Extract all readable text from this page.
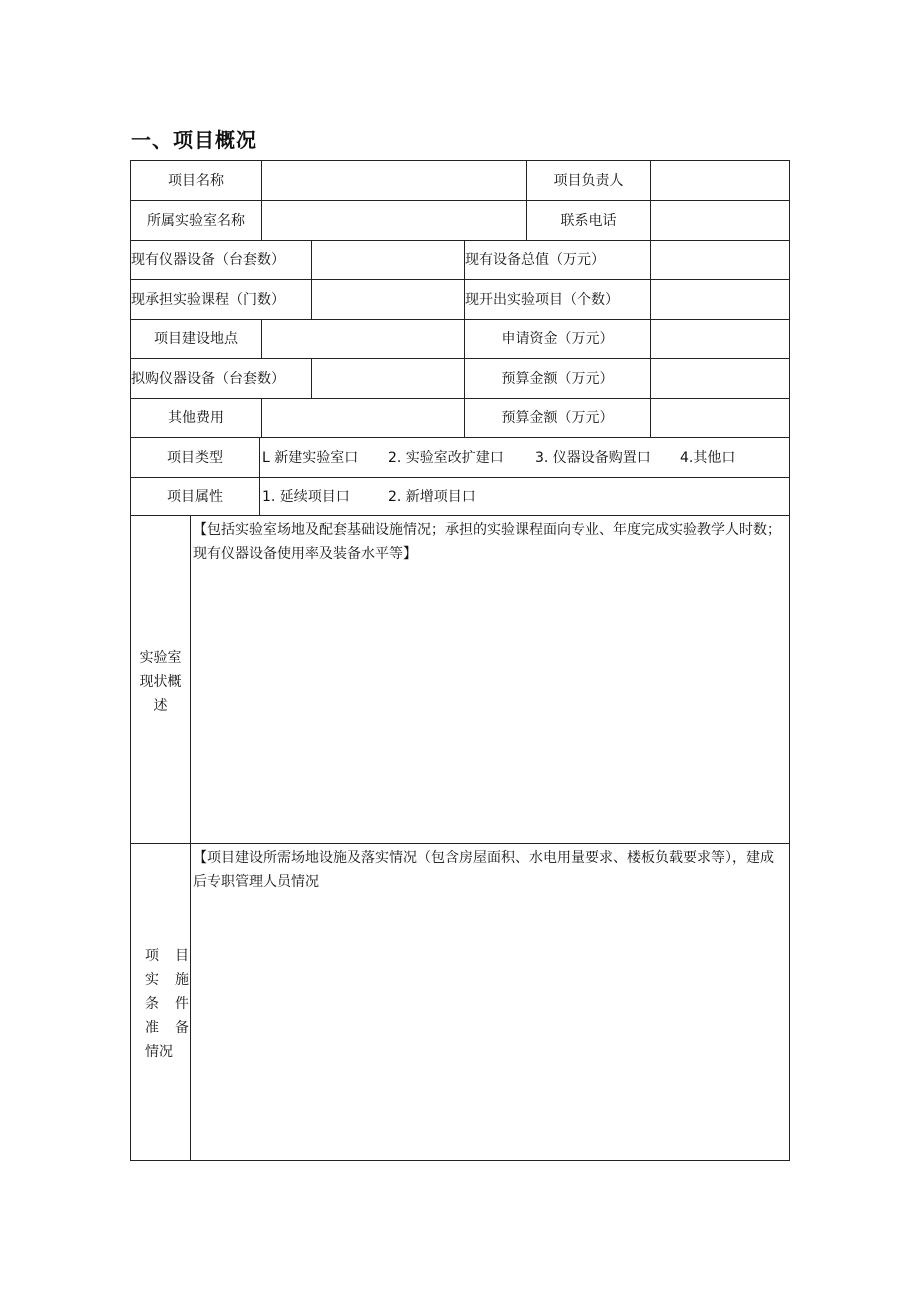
一、项目概况
项目名称	项目负责人
所属实验室名称	联系电话
现有仪器设备（台套数）	现有设备总值（万元）
现承担实验课程（门数）	现开出实验项目（个数）
项目建设地点	申请资金（万元）
拟购仪器设备（台套数）	预算金额（万元）
其他费用	预算金额（万元）
项目类型	L 新建实验室口	2. 实验室改扩建口	3. 仪器设备购置口	4.其他口
项目属性	1. 延续项目口	2. 新增项目口
实验室
现状概
述
【包括实验室场地及配套基础设施情况；承担的实验课程面向专业、年度完成实验教学人时数；现有仪器设备使用率及装备水平等】
项 目
实 施
条 件
准 备
情况
【项目建设所需场地设施及落实情况（包含房屋面积、水电用量要求、楼板负载要求等），建成后专职管理人员情况
